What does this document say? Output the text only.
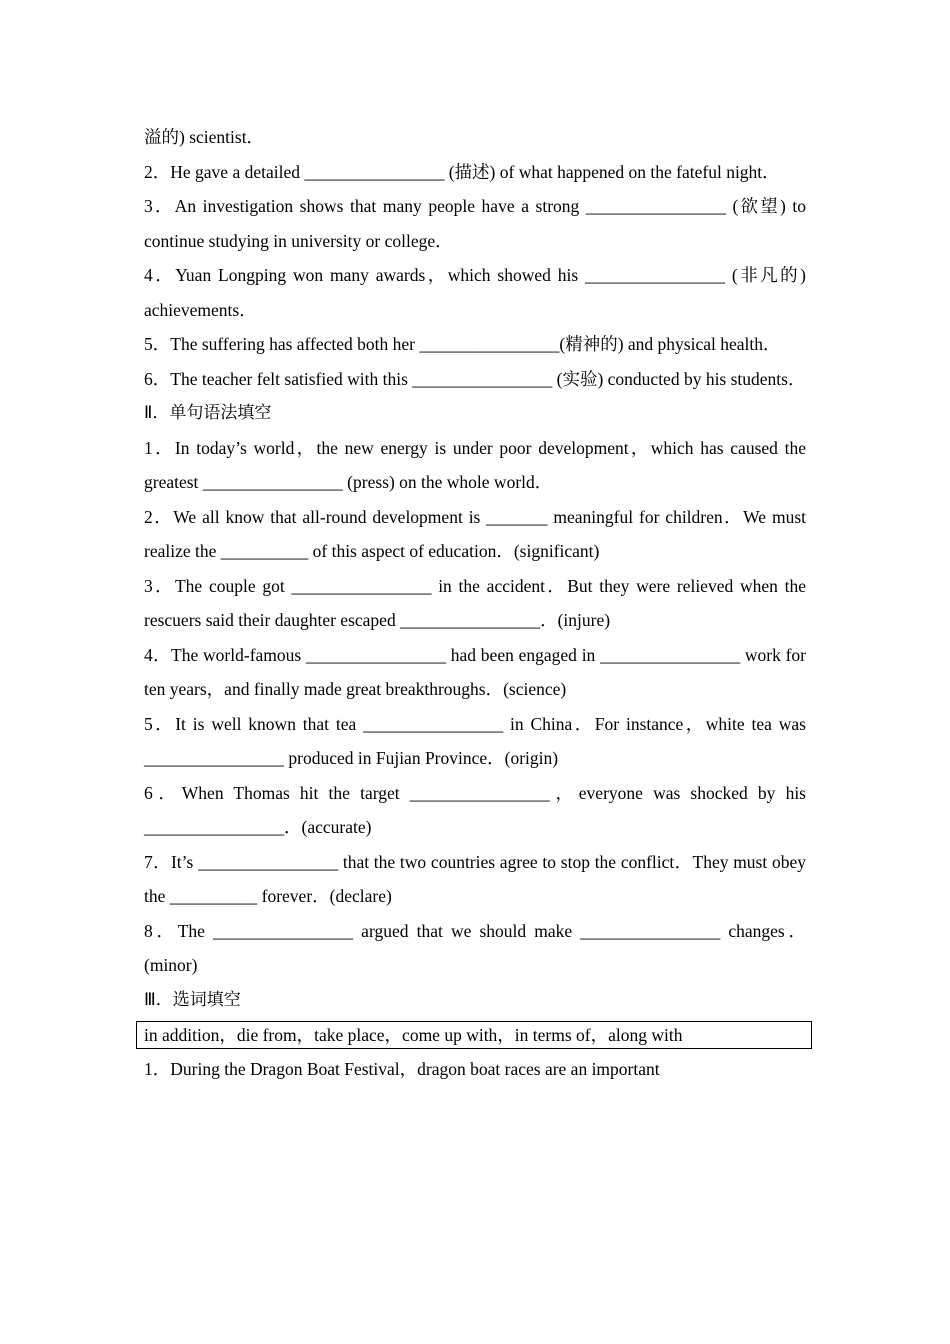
溢的) scientist．

2．He gave a detailed ________________ (描述) of what happened on the fateful night．

3．An investigation shows that many people have a strong ________________ (欲望) to continue studying in university or college．

4．Yuan Longping won many awards，which showed his ________________ (非凡的) achievements．

5．The suffering has affected both her ________________(精神的) and physical health．

6．The teacher felt satisfied with this ________________ (实验) conducted by his students．

Ⅱ．单句语法填空

1．In today’s world，the new energy is under poor development，which has caused the greatest ________________ (press) on the whole world．

2．We all know that all-round development is _______ meaningful for children．We must realize the __________ of this aspect of education．(significant)

3．The couple got ________________ in the accident．But they were relieved when the rescuers said their daughter escaped ________________．(injure)

4．The world-famous ________________ had been engaged in ________________ work for ten years，and finally made great breakthroughs．(science)

5．It is well known that tea ________________ in China．For instance，white tea was ________________ produced in Fujian Province．(origin)

6．When Thomas hit the target ________________，everyone was shocked by his ________________．(accurate)

7．It’s ________________ that the two countries agree to stop the conflict．They must obey the __________ forever．(declare)

8．The ________________ argued that we should make ________________ changes．(minor)

Ⅲ．选词填空

in addition，die from，take place，come up with，in terms of，along with

1．During the Dragon Boat Festival，dragon boat races are an important
